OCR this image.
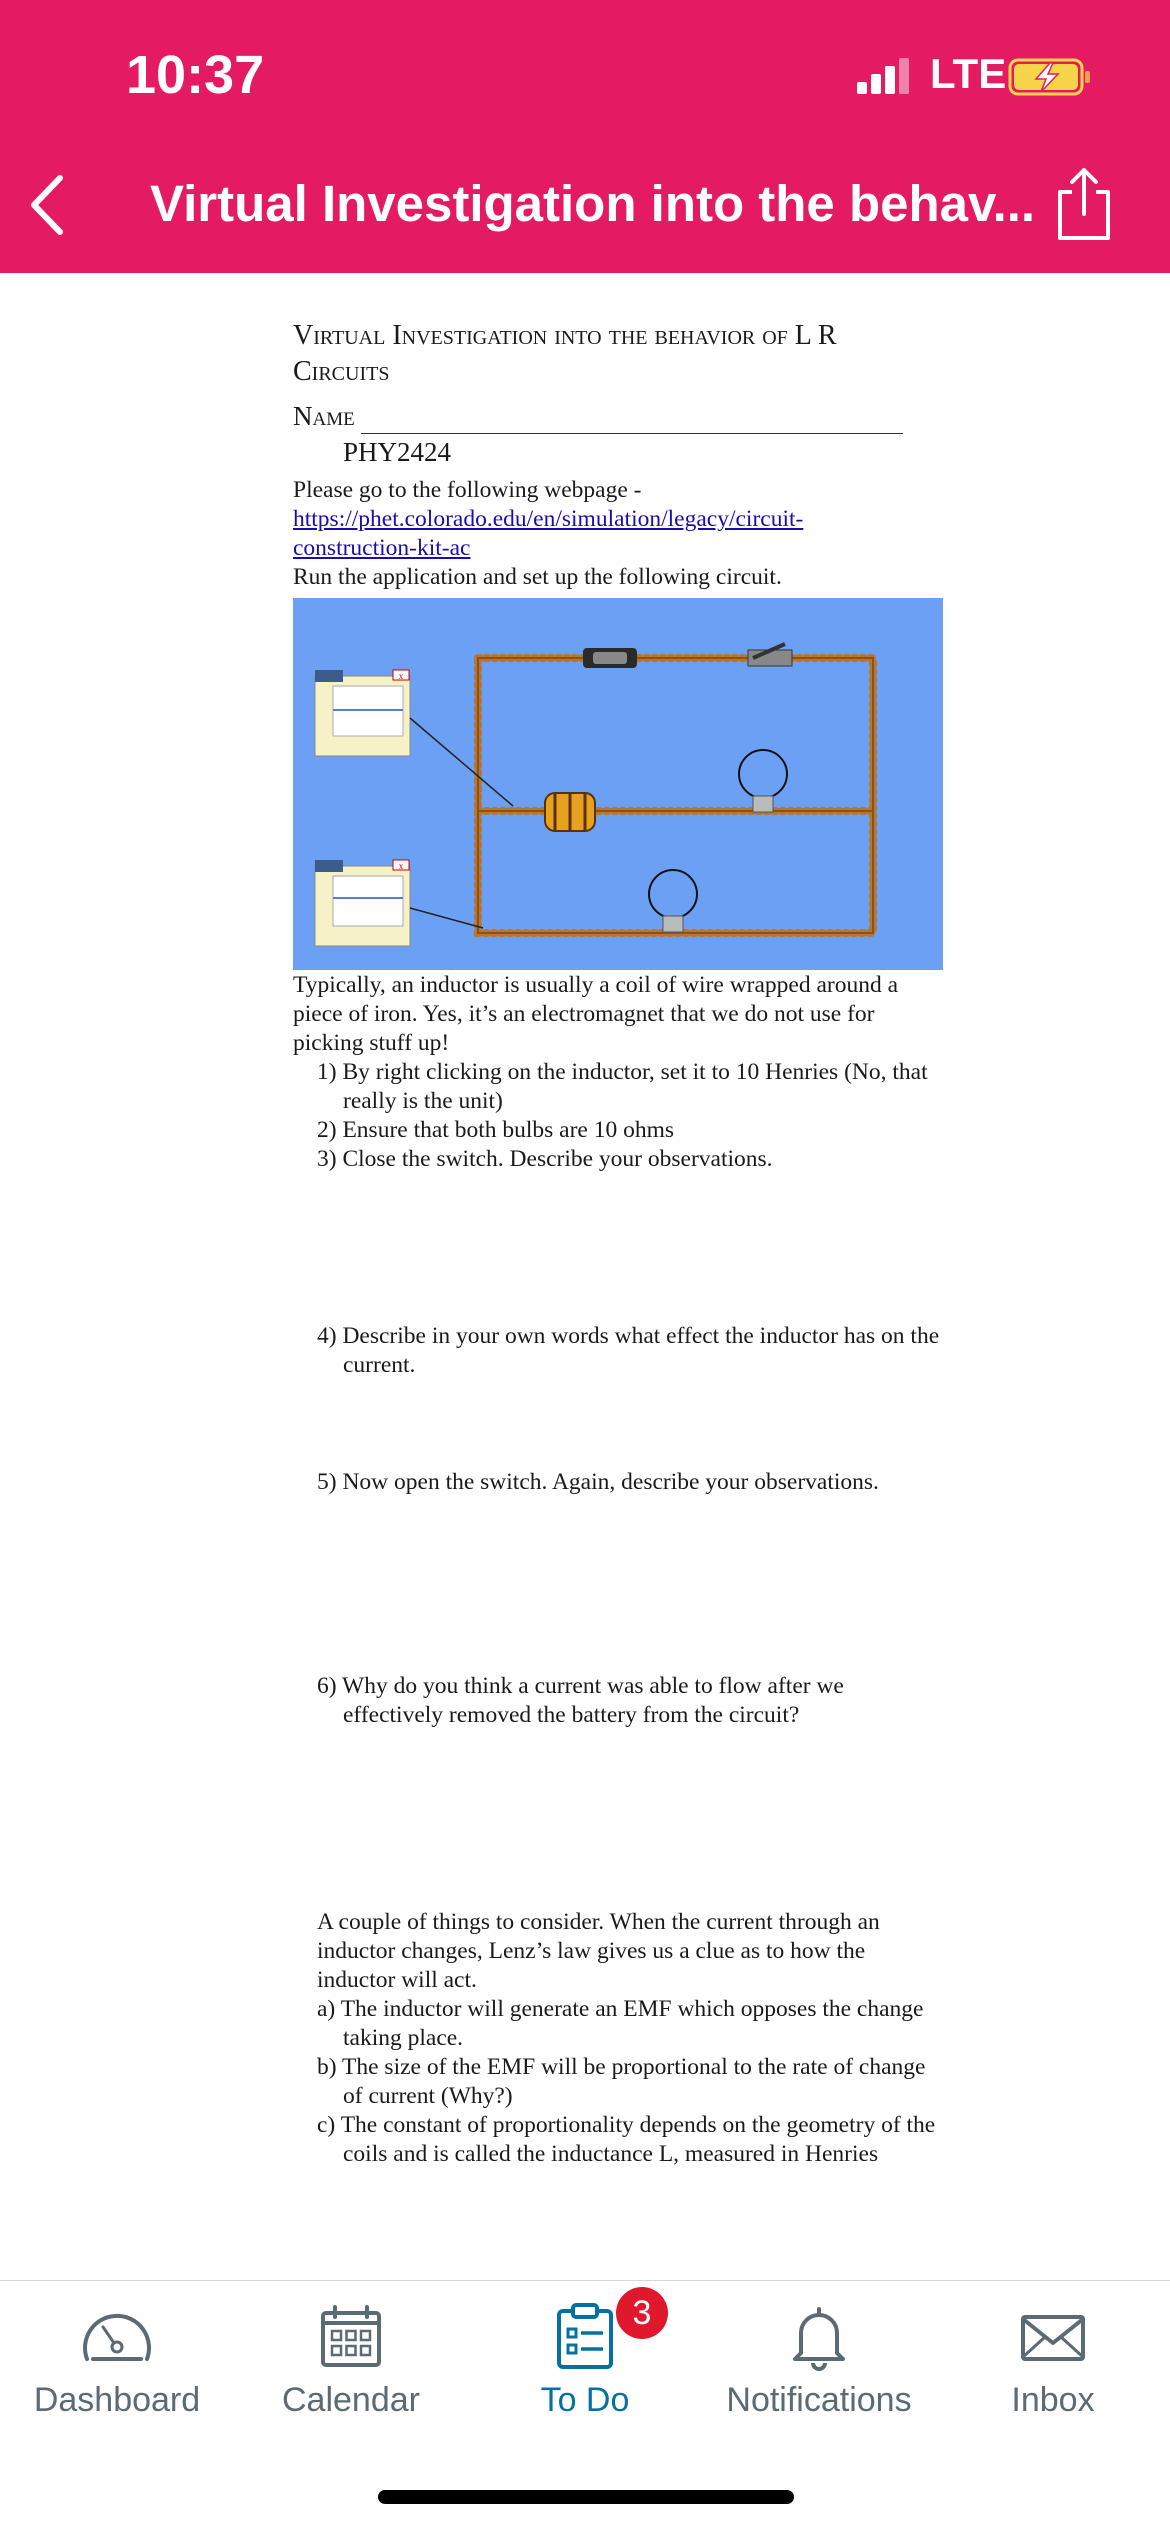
10:37	LTE
Virtual Investigation into the behav...
Virtual Investigation into the behavior of L R Circuits
Name
PHY2424
Please go to the following webpage -
https://phet.colorado.edu/en/simulation/legacy/circuit-construction-kit-ac
Run the application and set up the following circuit.
x
x
Typically, an inductor is usually a coil of wire wrapped around a piece of iron. Yes, it’s an electromagnet that we do not use for picking stuff up!
1) By right clicking on the inductor, set it to 10 Henries (No, that really is the unit)
2) Ensure that both bulbs are 10 ohms
3) Close the switch. Describe your observations.
4) Describe in your own words what effect the inductor has on the current.
5) Now open the switch. Again, describe your observations.
6) Why do you think a current was able to flow after we effectively removed the battery from the circuit?
A couple of things to consider. When the current through an inductor changes, Lenz’s law gives us a clue as to how the inductor will act.
a) The inductor will generate an EMF which opposes the change taking place.
b) The size of the EMF will be proportional to the rate of change of current (Why?)
c) The constant of proportionality depends on the geometry of the coils and is called the inductance L, measured in Henries
Dashboard	Calendar
3
To Do	Notifications	Inbox
